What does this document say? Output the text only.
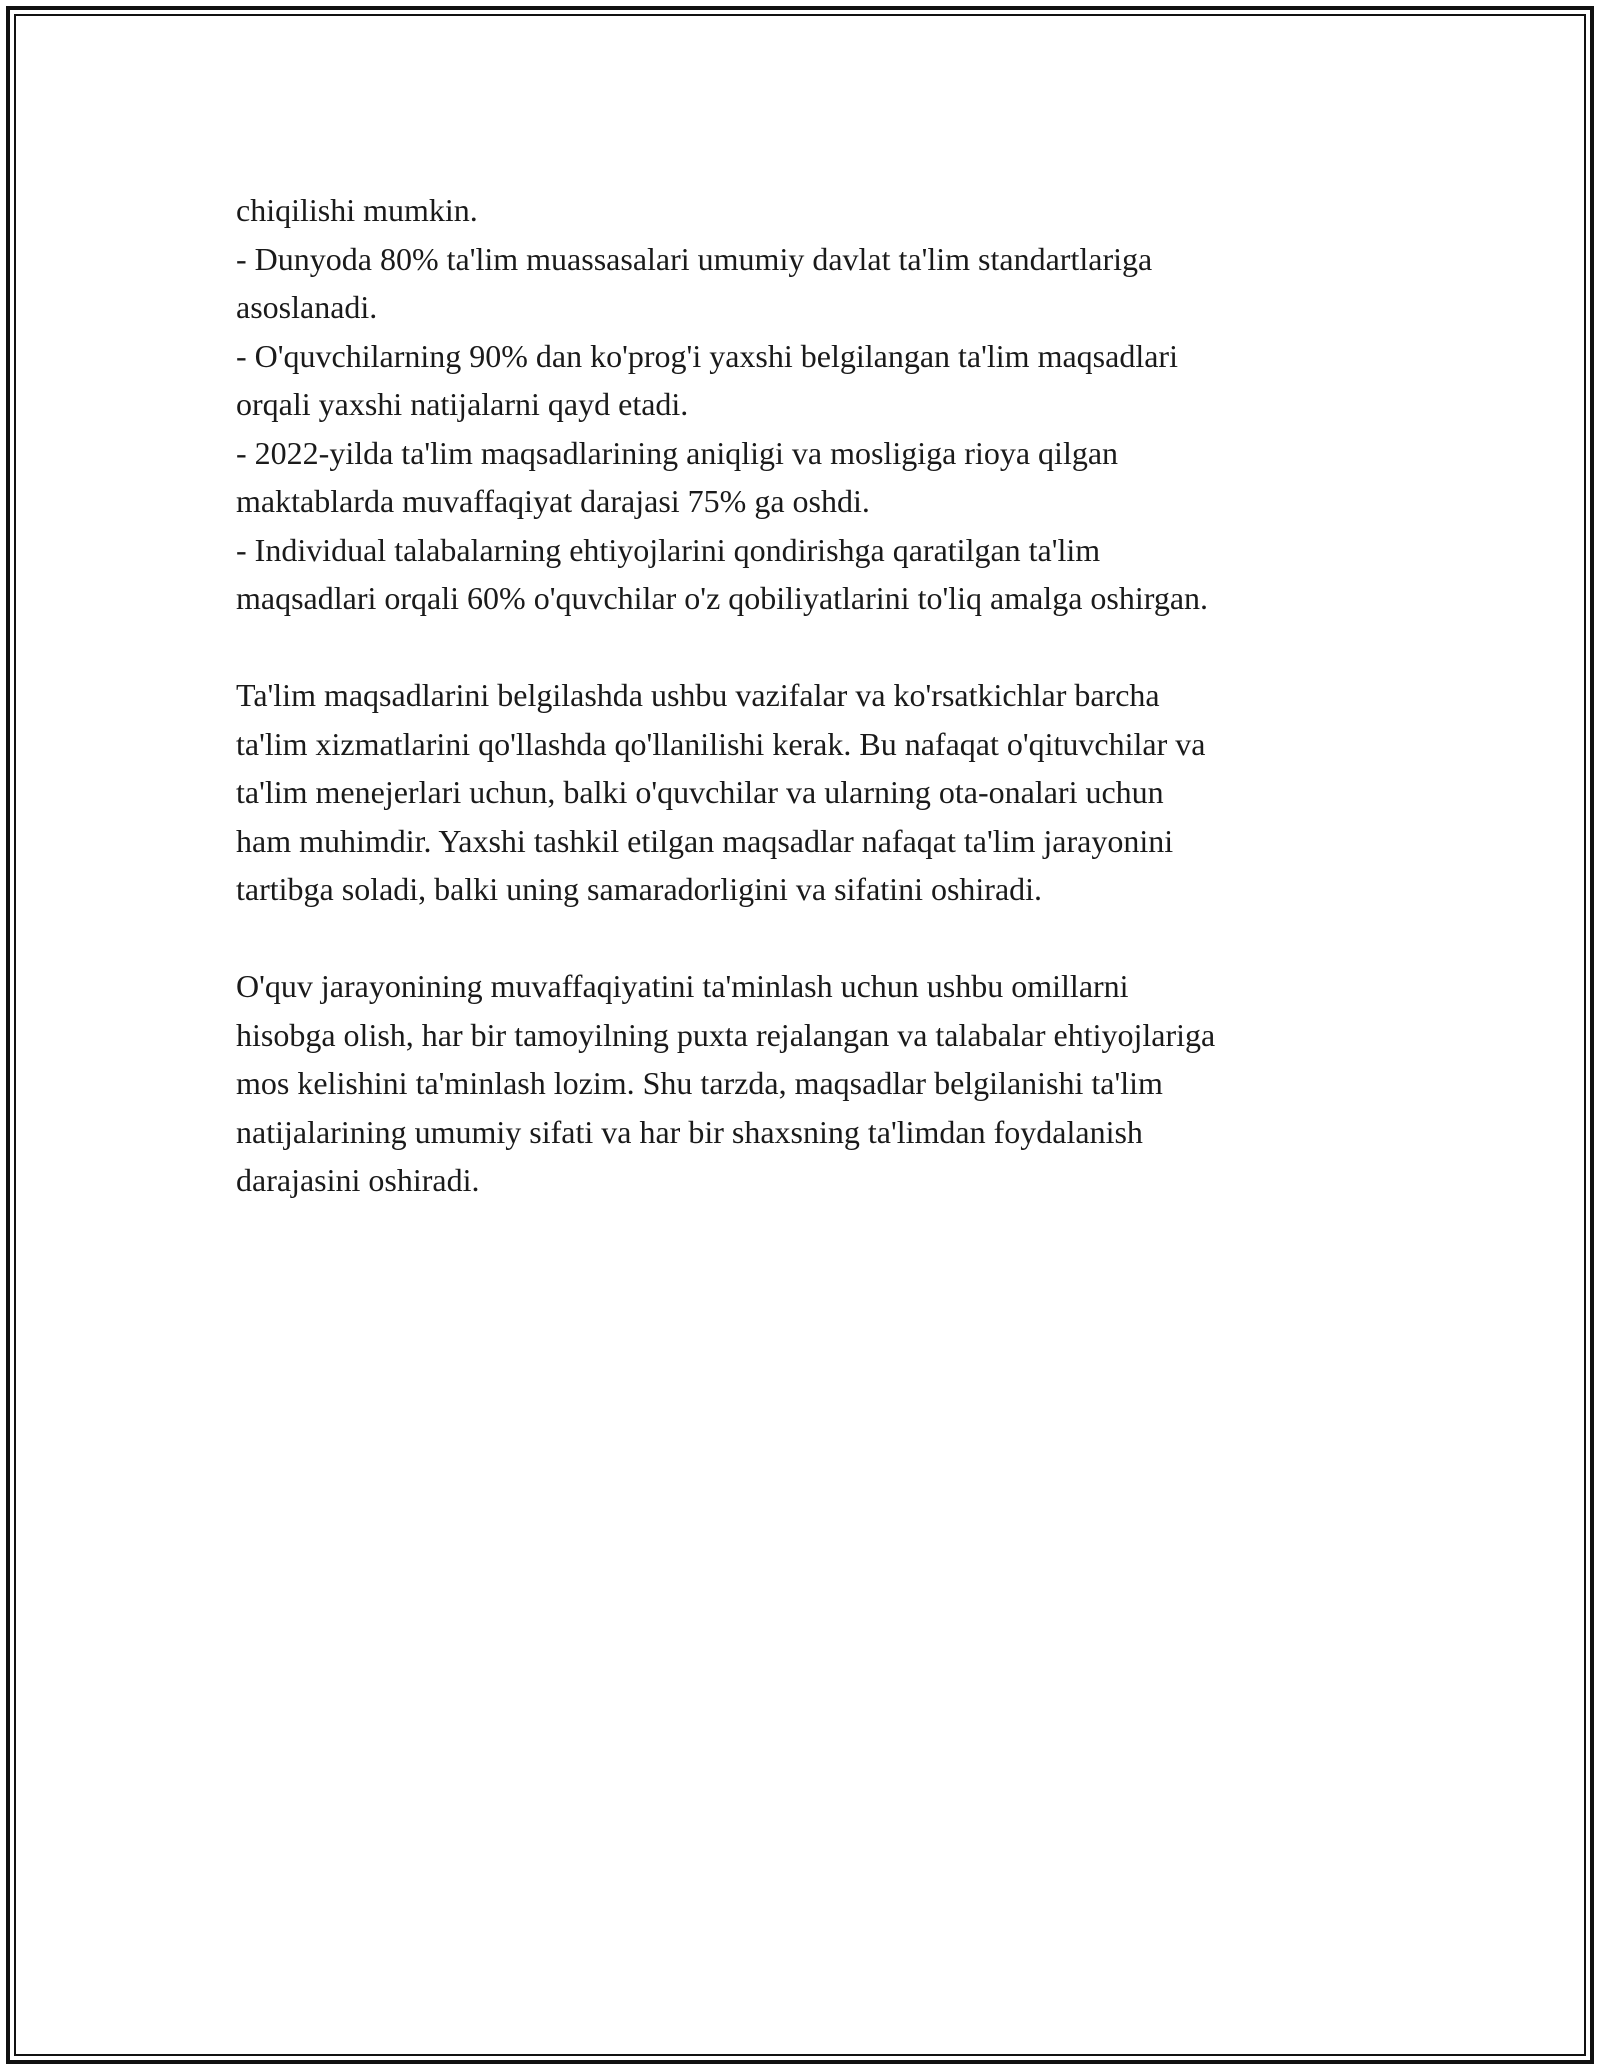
chiqilishi mumkin.
- Dunyoda 80% ta'lim muassasalari umumiy davlat ta'lim standartlariga
asoslanadi.
- O'quvchilarning 90% dan ko'prog'i yaxshi belgilangan ta'lim maqsadlari
orqali yaxshi natijalarni qayd etadi.
- 2022-yilda ta'lim maqsadlarining aniqligi va mosligiga rioya qilgan
maktablarda muvaffaqiyat darajasi 75% ga oshdi.
- Individual talabalarning ehtiyojlarini qondirishga qaratilgan ta'lim
maqsadlari orqali 60% o'quvchilar o'z qobiliyatlarini to'liq amalga oshirgan.
Ta'lim maqsadlarini belgilashda ushbu vazifalar va ko'rsatkichlar barcha
ta'lim xizmatlarini qo'llashda qo'llanilishi kerak. Bu nafaqat o'qituvchilar va
ta'lim menejerlari uchun, balki o'quvchilar va ularning ota-onalari uchun
ham muhimdir. Yaxshi tashkil etilgan maqsadlar nafaqat ta'lim jarayonini
tartibga soladi, balki uning samaradorligini va sifatini oshiradi.
O'quv jarayonining muvaffaqiyatini ta'minlash uchun ushbu omillarni
hisobga olish, har bir tamoyilning puxta rejalangan va talabalar ehtiyojlariga
mos kelishini ta'minlash lozim. Shu tarzda, maqsadlar belgilanishi ta'lim
natijalarining umumiy sifati va har bir shaxsning ta'limdan foydalanish
darajasini oshiradi.
